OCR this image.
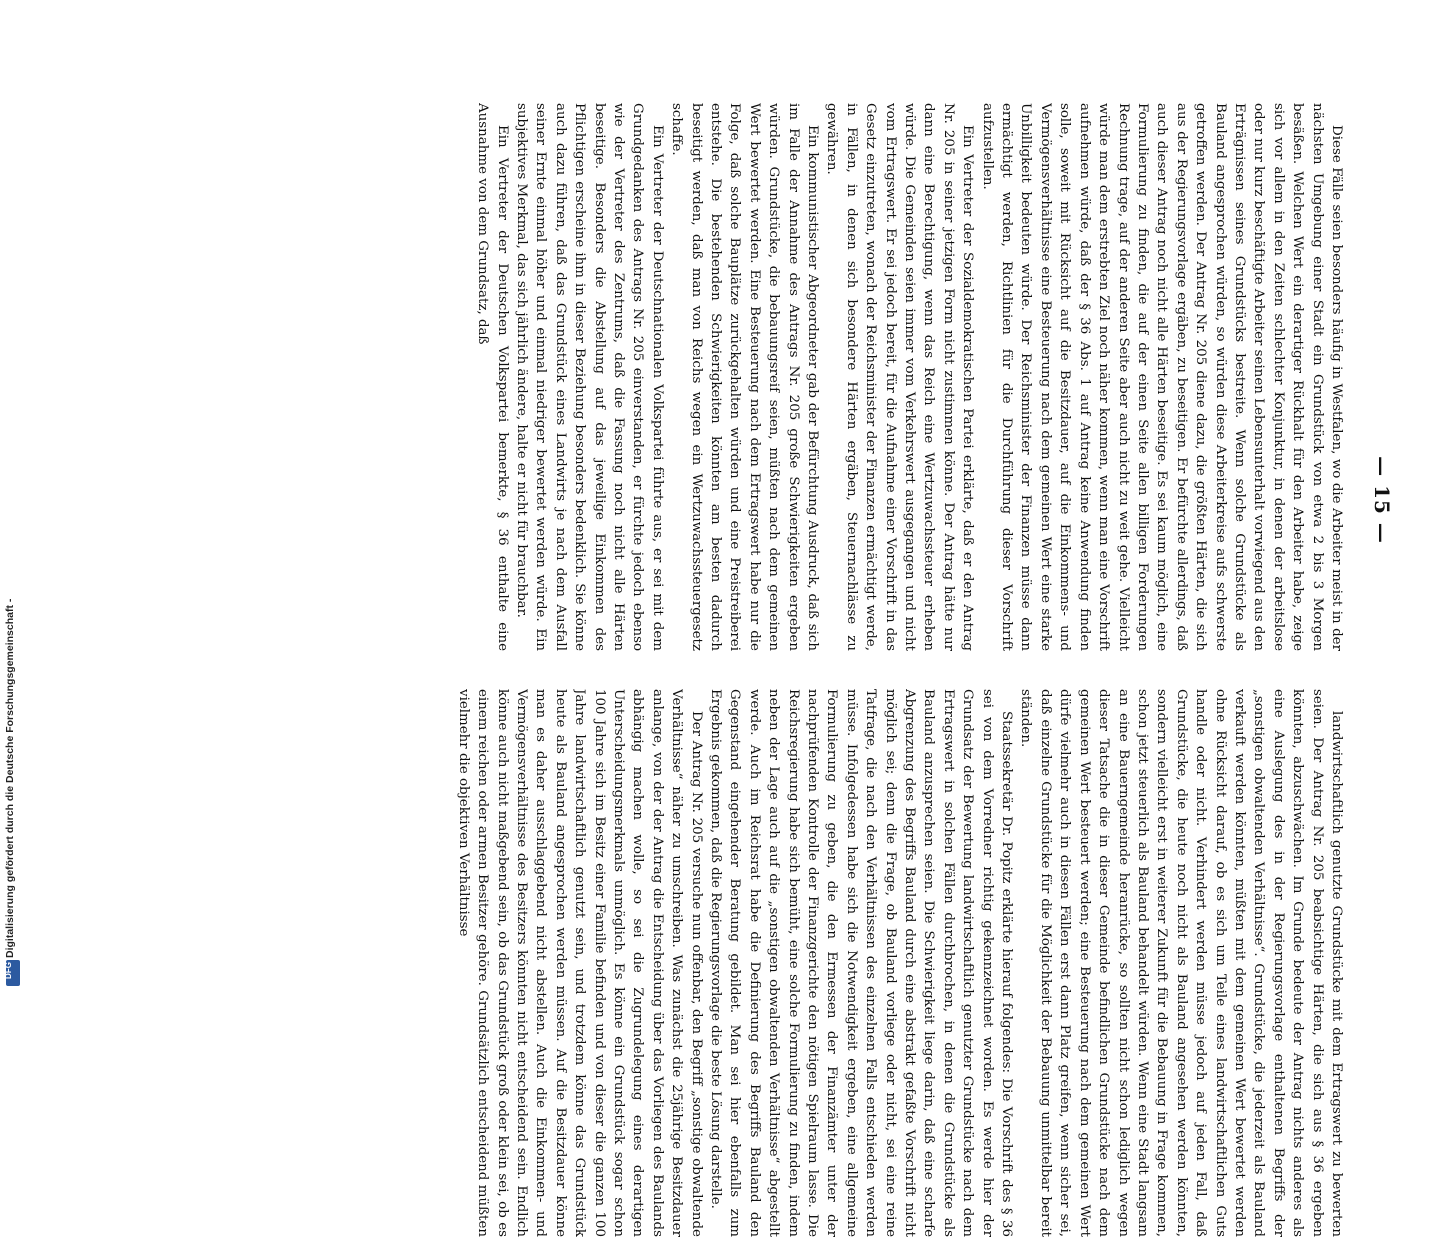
— 15 —

Diese Fälle seien besonders häufig in Westfalen, wo die Arbeiter meist in der nächsten Umgebung einer Stadt ein Grundstück von etwa 2 bis 3 Morgen besäßen. Welchen Wert ein derartiger Rückhalt für den Arbeiter habe, zeige sich vor allem in den Zeiten schlechter Konjunktur, in denen der arbeitslose oder nur kurz beschäftigte Arbeiter seinen Lebensunterhalt vorwiegend aus den Erträgnissen seines Grundstücks bestreite. Wenn solche Grundstücke als Bauland angesprochen würden, so würden diese Arbeiterkreise aufs schwerste getroffen werden. Der Antrag Nr. 205 diene dazu, die größten Härten, die sich aus der Regierungsvorlage ergäben, zu beseitigen. Er befürchte allerdings, daß auch dieser Antrag noch nicht alle Härten beseitige. Es sei kaum möglich, eine Formulierung zu finden, die auf der einen Seite allen billigen Forderungen Rechnung trage, auf der anderen Seite aber auch nicht zu weit gehe. Vielleicht würde man dem erstrebten Ziel noch näher kommen, wenn man eine Vorschrift aufnehmen würde, daß der § 36 Abs. 1 auf Antrag keine Anwendung finden solle, soweit mit Rücksicht auf die Besitzdauer, auf die Einkommens- und Vermögensverhältnisse eine Besteuerung nach dem gemeinen Wert eine starke Unbilligkeit bedeuten würde. Der Reichsminister der Finanzen müsse dann ermächtigt werden, Richtlinien für die Durchführung dieser Vorschrift aufzustellen.

Ein Vertreter der Sozialdemokratischen Partei erklärte, daß er den Antrag Nr. 205 in seiner jetzigen Form nicht zustimmen könne. Der Antrag hätte nur dann eine Berechtigung, wenn das Reich eine Wertzuwachssteuer erheben würde. Die Gemeinden seien immer vom Verkehrswert ausgegangen und nicht vom Ertragswert. Er sei jedoch bereit, für die Aufnahme einer Vorschrift in das Gesetz einzutreten, wonach der Reichsminister der Finanzen ermächtigt werde, in Fällen, in denen sich besondere Härten ergäben, Steuernachlässe zu gewähren.

Ein kommunistischer Abgeordneter gab der Befürchtung Ausdruck, daß sich im Falle der Annahme des Antrags Nr. 205 große Schwierigkeiten ergeben würden. Grundstücke, die bebauungsreif seien, müßten nach dem gemeinen Wert bewertet werden. Eine Besteuerung nach dem Ertragswert habe nur die Folge, daß solche Bauplätze zurückgehalten würden und eine Preistreiberei entstehe. Die bestehenden Schwierigkeiten könnten am besten dadurch beseitigt werden, daß man von Reichs wegen ein Wertzuwachssteuergesetz schaffe.

Ein Vertreter der Deutschnationalen Volkspartei führte aus, er sei mit dem Grundgedanken des Antrags Nr. 205 einverstanden, er fürchte jedoch ebenso wie der Vertreter des Zentrums, daß die Fassung noch nicht alle Härten beseitige. Besonders die Abstellung auf das jeweilige Einkommen des Pflichtigen erscheine ihm in dieser Beziehung besonders bedenklich. Sie könne auch dazu führen, daß das Grundstück eines Landwirts je nach dem Ausfall seiner Ernte einmal höher und einmal niedriger bewertet werden würde. Ein subjektives Merkmal, das sich jährlich ändere, halte er nicht für brauchbar.

Ein Vertreter der Deutschen Volkspartei bemerkte, § 36 enthalte eine Ausnahme von dem Grundsatz, daß

landwirtschaftlich genutzte Grundstücke mit dem Ertragswert zu bewerten seien. Der Antrag Nr. 205 beabsichtige Härten, die sich aus § 36 ergeben könnten, abzuschwächen. Im Grunde bedeute der Antrag nichts anderes als eine Auslegung des in der Regierungsvorlage enthaltenen Begriffs der „sonstigen obwaltenden Verhältnisse“. Grundstücke, die jederzeit als Bauland verkauft werden könnten, müßten mit dem gemeinen Wert bewertet werden ohne Rücksicht darauf, ob es sich um Teile eines landwirtschaftlichen Guts handle oder nicht. Verhindert werden müsse jedoch auf jeden Fall, daß Grundstücke, die heute noch nicht als Bauland angesehen werden könnten, sondern vielleicht erst in weiterer Zukunft für die Bebauung in Frage kommen, schon jetzt steuerlich als Bauland behandelt würden. Wenn eine Stadt langsam an eine Bauerngemeinde heranrücke, so sollten nicht schon lediglich wegen dieser Tatsache die in dieser Gemeinde befindlichen Grundstücke nach dem gemeinen Wert besteuert werden; eine Besteuerung nach dem gemeinen Wert dürfe vielmehr auch in diesen Fällen erst dann Platz greifen, wenn sicher sei, daß einzelne Grundstücke für die Möglichkeit der Bebauung unmittelbar bereit ständen.

Staatssekretär Dr. Popitz erklärte hierauf folgendes: Die Vorschrift des § 36 sei von dem Vorredner richtig gekennzeichnet worden. Es werde hier der Grundsatz der Bewertung landwirtschaftlich genutzter Grundstücke nach dem Ertragswert in solchen Fällen durchbrochen, in denen die Grundstücke als Bauland anzusprechen seien. Die Schwierigkeit liege darin, daß eine scharfe Abgrenzung des Begriffs Bauland durch eine abstrakt gefaßte Vorschrift nicht möglich sei; denn die Frage, ob Bauland vorliege oder nicht, sei eine reine Tatfrage, die nach den Verhältnissen des einzelnen Falls entschieden werden müsse. Infolgedessen habe sich die Notwendigkeit ergeben, eine allgemeine Formulierung zu geben, die den Ermessen der Finanzämter unter der nachprüfenden Kontrolle der Finanzgerichte den nötigen Spielraum lasse. Die Reichsregierung habe sich bemüht, eine solche Formulierung zu finden, indem neben der Lage auch auf die „sonstigen obwaltenden Verhältnisse“ abgestellt werde. Auch im Reichsrat habe die Definierung des Begriffs Bauland den Gegenstand eingehender Beratung gebildet. Man sei hier ebenfalls zum Ergebnis gekommen, daß die Regierungsvorlage die beste Lösung darstelle.

Der Antrag Nr. 205 versuche nun offenbar, den Begriff „sonstige obwaltende Verhältnisse“ näher zu umschreiben. Was zunächst die 25jährige Besitzdauer anlange, von der der Antrag die Entscheidung über das Vorliegen des Baulands abhängig machen wolle, so sei die Zugrundelegung eines derartigen Unterscheidungsmerkmals unmöglich. Es könne ein Grundstück sogar schon 100 Jahre sich im Besitz einer Familie befinden und von dieser die ganzen 100 Jahre landwirtschaftlich genutzt sein, und trotzdem könne das Grundstück heute als Bauland angesprochen werden müssen. Auf die Besitzdauer könne man es daher ausschlaggebend nicht abstellen. Auch die Einkommen- und Vermögensverhältnisse des Besitzers könnten nicht entscheidend sein. Endlich könne auch nicht maßgebend sein, ob das Grundstück groß oder klein sei, ob es einem reichen oder armen Besitzer gehöre. Grundsätzlich entscheidend müßten vielmehr die objektiven Verhältnisse

Digitalisierung gefördert durch die Deutsche Forschungsgemeinschaft -
DFG
